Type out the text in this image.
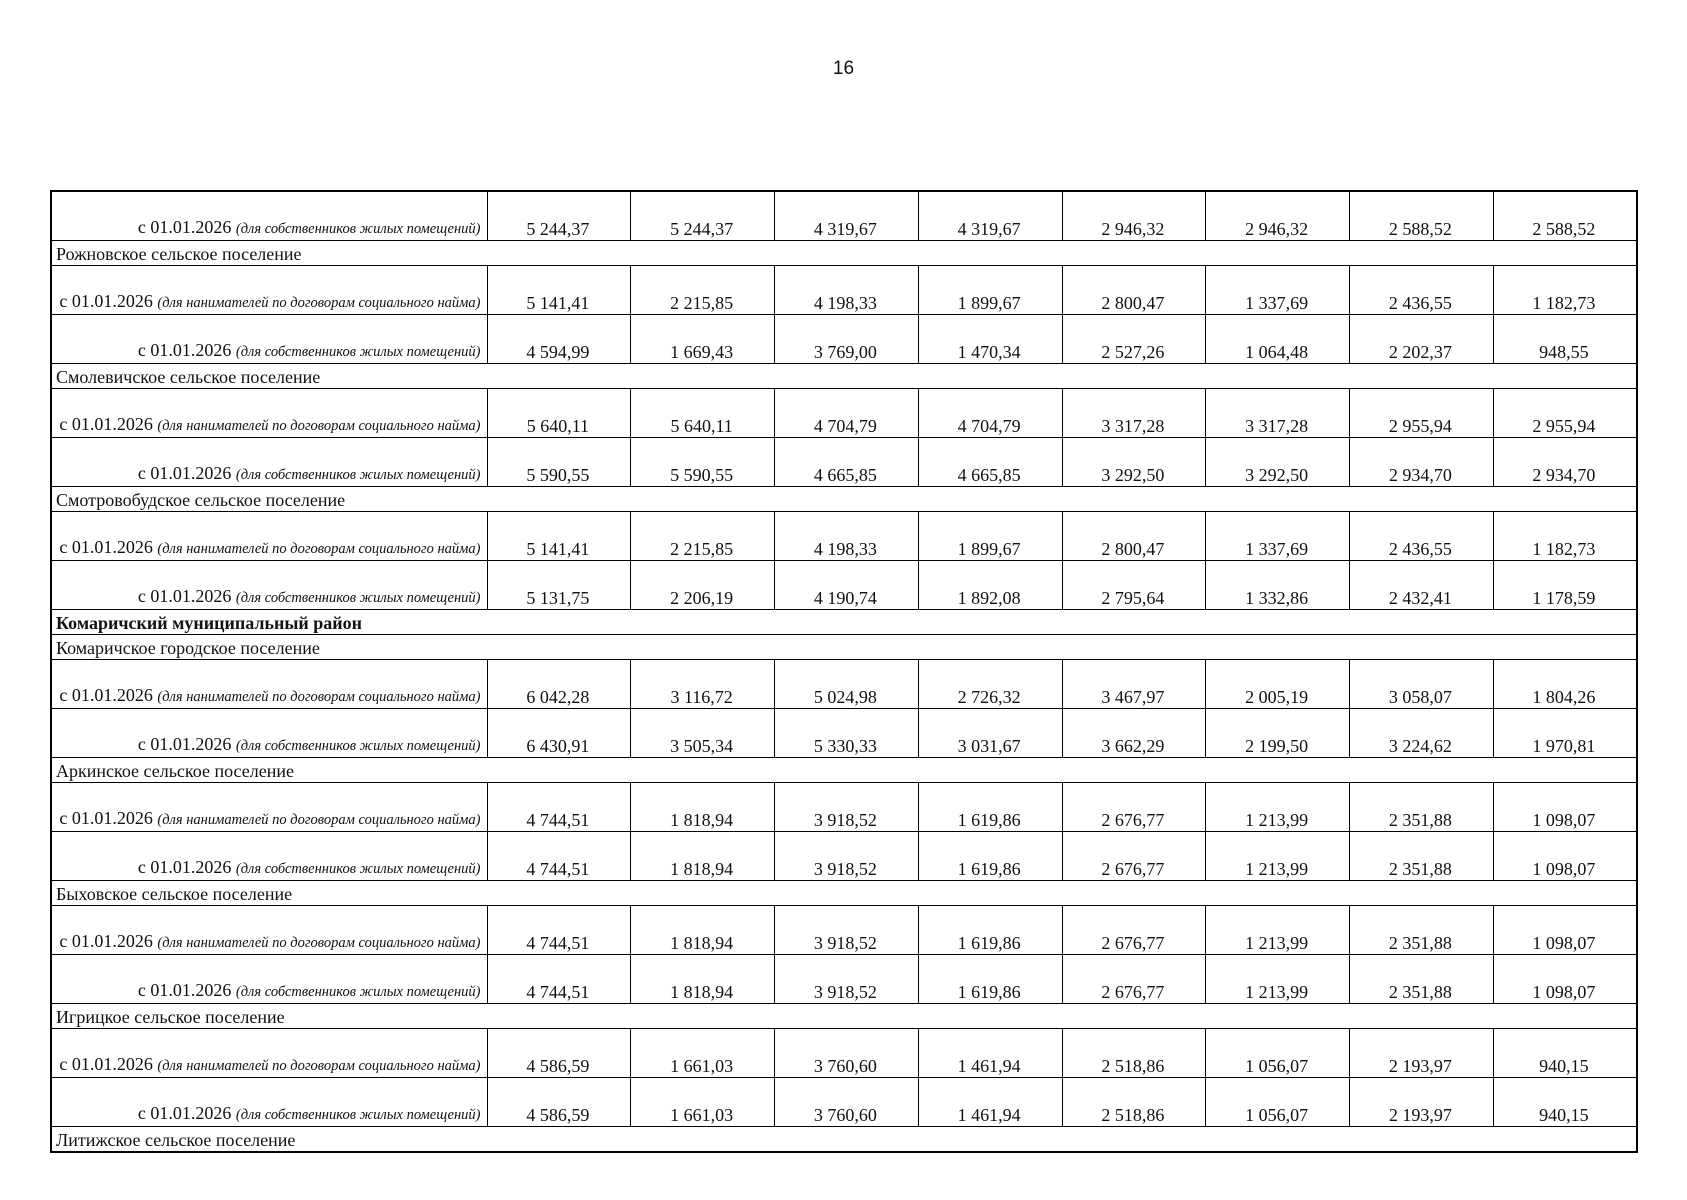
16
с 01.01.2026 (для собственников жилых помещений)	5 244,37	5 244,37	4 319,67	4 319,67	2 946,32	2 946,32	2 588,52	2 588,52
Рожновское сельское поселение								
с 01.01.2026 (для нанимателей по договорам социального найма)	5 141,41	2 215,85	4 198,33	1 899,67	2 800,47	1 337,69	2 436,55	1 182,73
с 01.01.2026 (для собственников жилых помещений)	4 594,99	1 669,43	3 769,00	1 470,34	2 527,26	1 064,48	2 202,37	948,55
Смолевичское сельское поселение								
с 01.01.2026 (для нанимателей по договорам социального найма)	5 640,11	5 640,11	4 704,79	4 704,79	3 317,28	3 317,28	2 955,94	2 955,94
с 01.01.2026 (для собственников жилых помещений)	5 590,55	5 590,55	4 665,85	4 665,85	3 292,50	3 292,50	2 934,70	2 934,70
Смотровобудское сельское поселение								
с 01.01.2026 (для нанимателей по договорам социального найма)	5 141,41	2 215,85	4 198,33	1 899,67	2 800,47	1 337,69	2 436,55	1 182,73
с 01.01.2026 (для собственников жилых помещений)	5 131,75	2 206,19	4 190,74	1 892,08	2 795,64	1 332,86	2 432,41	1 178,59
Комаричский муниципальный район								
Комаричское городское поселение								
с 01.01.2026 (для нанимателей по договорам социального найма)	6 042,28	3 116,72	5 024,98	2 726,32	3 467,97	2 005,19	3 058,07	1 804,26
с 01.01.2026 (для собственников жилых помещений)	6 430,91	3 505,34	5 330,33	3 031,67	3 662,29	2 199,50	3 224,62	1 970,81
Аркинское сельское поселение								
с 01.01.2026 (для нанимателей по договорам социального найма)	4 744,51	1 818,94	3 918,52	1 619,86	2 676,77	1 213,99	2 351,88	1 098,07
с 01.01.2026 (для собственников жилых помещений)	4 744,51	1 818,94	3 918,52	1 619,86	2 676,77	1 213,99	2 351,88	1 098,07
Быховское сельское поселение								
с 01.01.2026 (для нанимателей по договорам социального найма)	4 744,51	1 818,94	3 918,52	1 619,86	2 676,77	1 213,99	2 351,88	1 098,07
с 01.01.2026 (для собственников жилых помещений)	4 744,51	1 818,94	3 918,52	1 619,86	2 676,77	1 213,99	2 351,88	1 098,07
Игрицкое сельское поселение								
с 01.01.2026 (для нанимателей по договорам социального найма)	4 586,59	1 661,03	3 760,60	1 461,94	2 518,86	1 056,07	2 193,97	940,15
с 01.01.2026 (для собственников жилых помещений)	4 586,59	1 661,03	3 760,60	1 461,94	2 518,86	1 056,07	2 193,97	940,15
Литижское сельское поселение								
